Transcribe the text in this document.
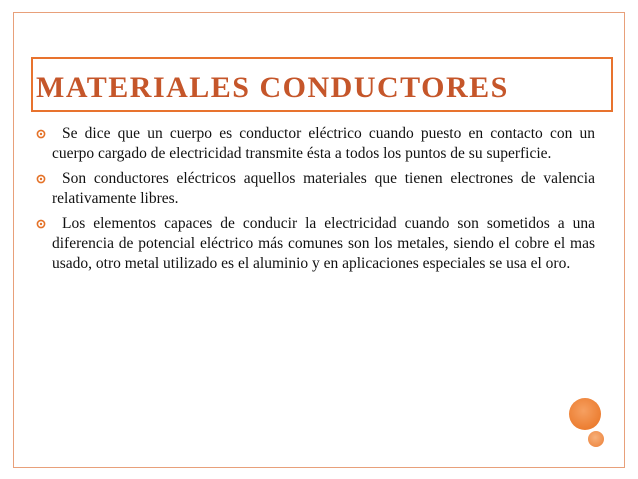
MATERIALES CONDUCTORES
Se dice que un cuerpo es conductor eléctrico cuando puesto en contacto con un cuerpo cargado de electricidad transmite ésta a todos los puntos de su superficie.
Son conductores eléctricos aquellos materiales que tienen electrones de valencia relativamente libres.
Los elementos capaces de conducir la electricidad cuando son sometidos a una diferencia de potencial eléctrico más comunes son los metales, siendo el cobre el mas usado, otro metal utilizado es el aluminio y en aplicaciones especiales se usa el oro.
